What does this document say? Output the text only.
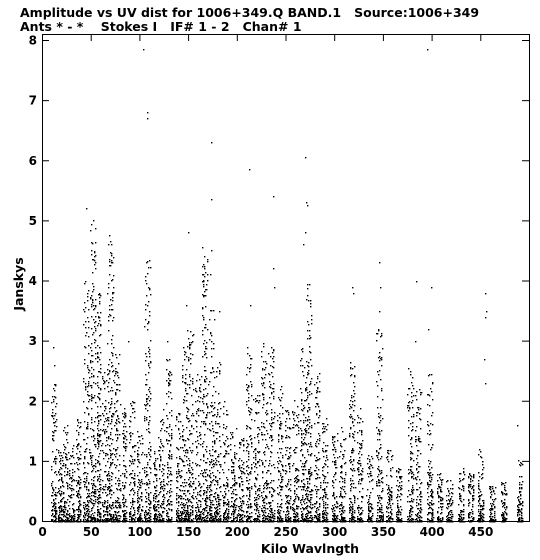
Amplitude vs UV dist for 1006+349.Q BAND.1   Source:1006+349
Ants * - *    Stokes I   IF# 1 - 2   Chan# 1
0	50 100 150 200 250 300 350 400 450
0
1
2
3
4
5
6
7
8
Kilo Wavlngth
Janskys
